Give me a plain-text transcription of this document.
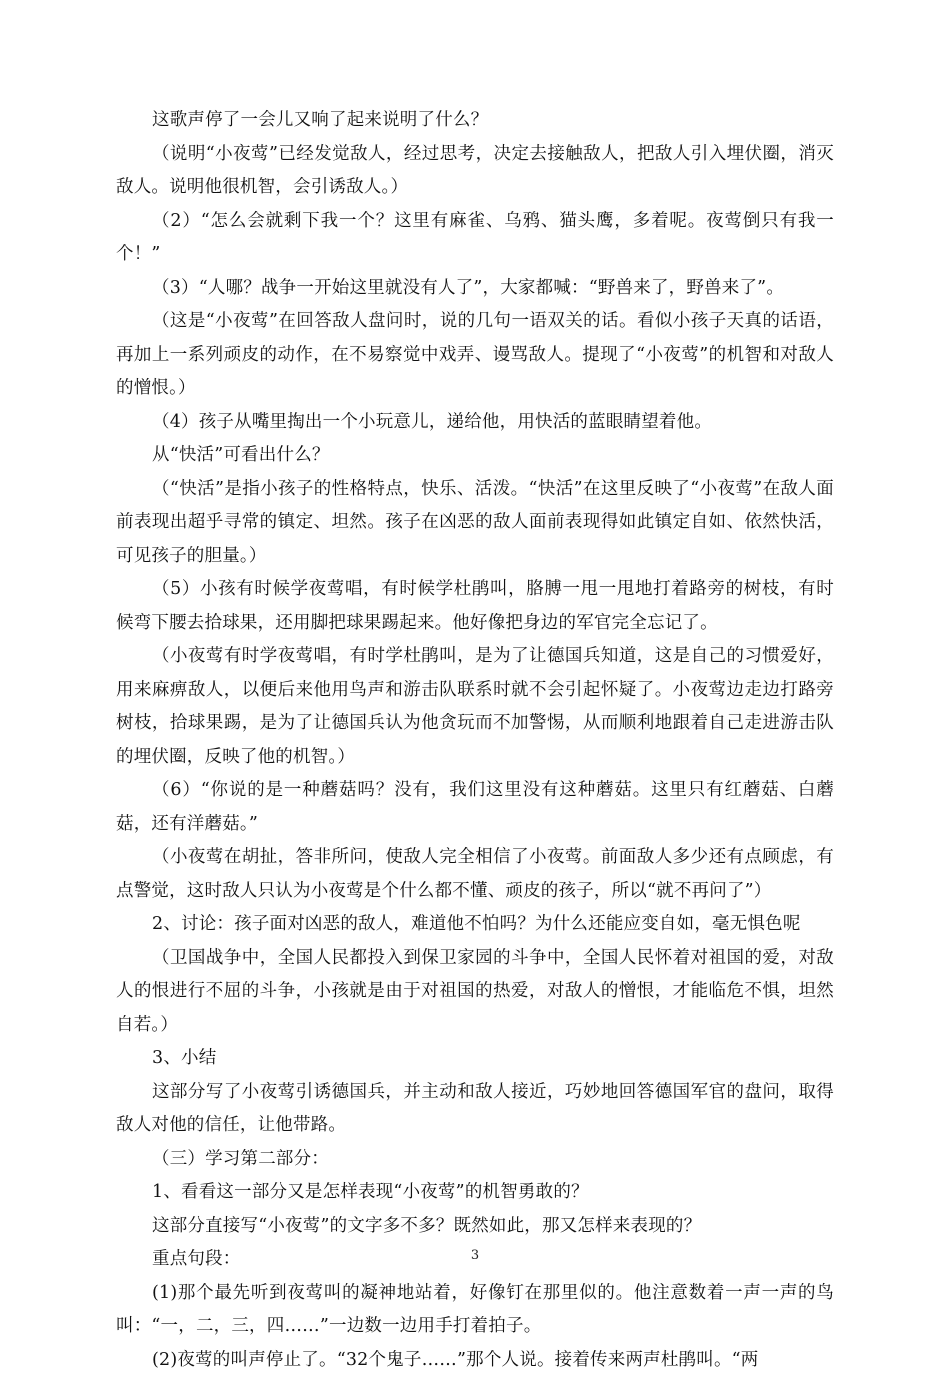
这歌声停了一会儿又响了起来说明了什么？

（说明“小夜莺”已经发觉敌人，经过思考，决定去接触敌人，把敌人引入埋伏圈，消灭敌人。说明他很机智，会引诱敌人。）

（2）“怎么会就剩下我一个？这里有麻雀、乌鸦、猫头鹰，多着呢。夜莺倒只有我一个！”

（3）“人哪？战争一开始这里就没有人了”，大家都喊：“野兽来了，野兽来了”。

（这是“小夜莺”在回答敌人盘问时，说的几句一语双关的话。看似小孩子天真的话语，再加上一系列顽皮的动作，在不易察觉中戏弄、谩骂敌人。提现了“小夜莺”的机智和对敌人的憎恨。）

（4）孩子从嘴里掏出一个小玩意儿，递给他，用快活的蓝眼睛望着他。

从“快活”可看出什么？

（“快活”是指小孩子的性格特点，快乐、活泼。“快活”在这里反映了“小夜莺”在敌人面前表现出超乎寻常的镇定、坦然。孩子在凶恶的敌人面前表现得如此镇定自如、依然快活，可见孩子的胆量。）

（5）小孩有时候学夜莺唱，有时候学杜鹃叫，胳膊一甩一甩地打着路旁的树枝，有时候弯下腰去拾球果，还用脚把球果踢起来。他好像把身边的军官完全忘记了。

（小夜莺有时学夜莺唱，有时学杜鹃叫，是为了让德国兵知道，这是自己的习惯爱好，用来麻痹敌人，以便后来他用鸟声和游击队联系时就不会引起怀疑了。小夜莺边走边打路旁树枝，拾球果踢，是为了让德国兵认为他贪玩而不加警惕，从而顺利地跟着自己走进游击队的埋伏圈，反映了他的机智。）

（6）“你说的是一种蘑菇吗？没有，我们这里没有这种蘑菇。这里只有红蘑菇、白蘑菇，还有洋蘑菇。”

（小夜莺在胡扯，答非所问，使敌人完全相信了小夜莺。前面敌人多少还有点顾虑，有点警觉，这时敌人只认为小夜莺是个什么都不懂、顽皮的孩子，所以“就不再问了”）

2、讨论：孩子面对凶恶的敌人，难道他不怕吗？为什么还能应变自如，毫无惧色呢

（卫国战争中，全国人民都投入到保卫家园的斗争中，全国人民怀着对祖国的爱，对敌人的恨进行不屈的斗争，小孩就是由于对祖国的热爱，对敌人的憎恨，才能临危不惧，坦然自若。）

3、小结

这部分写了小夜莺引诱德国兵，并主动和敌人接近，巧妙地回答德国军官的盘问，取得敌人对他的信任，让他带路。

（三）学习第二部分：

1、看看这一部分又是怎样表现“小夜莺”的机智勇敢的？

这部分直接写“小夜莺”的文字多不多？既然如此，那又怎样来表现的？

重点句段：

(1)那个最先听到夜莺叫的凝神地站着，好像钉在那里似的。他注意数着一声一声的鸟叫：“一，二，三，四……”一边数一边用手打着拍子。

(2)夜莺的叫声停止了。“32个鬼子……”那个人说。接着传来两声杜鹃叫。“两

3
